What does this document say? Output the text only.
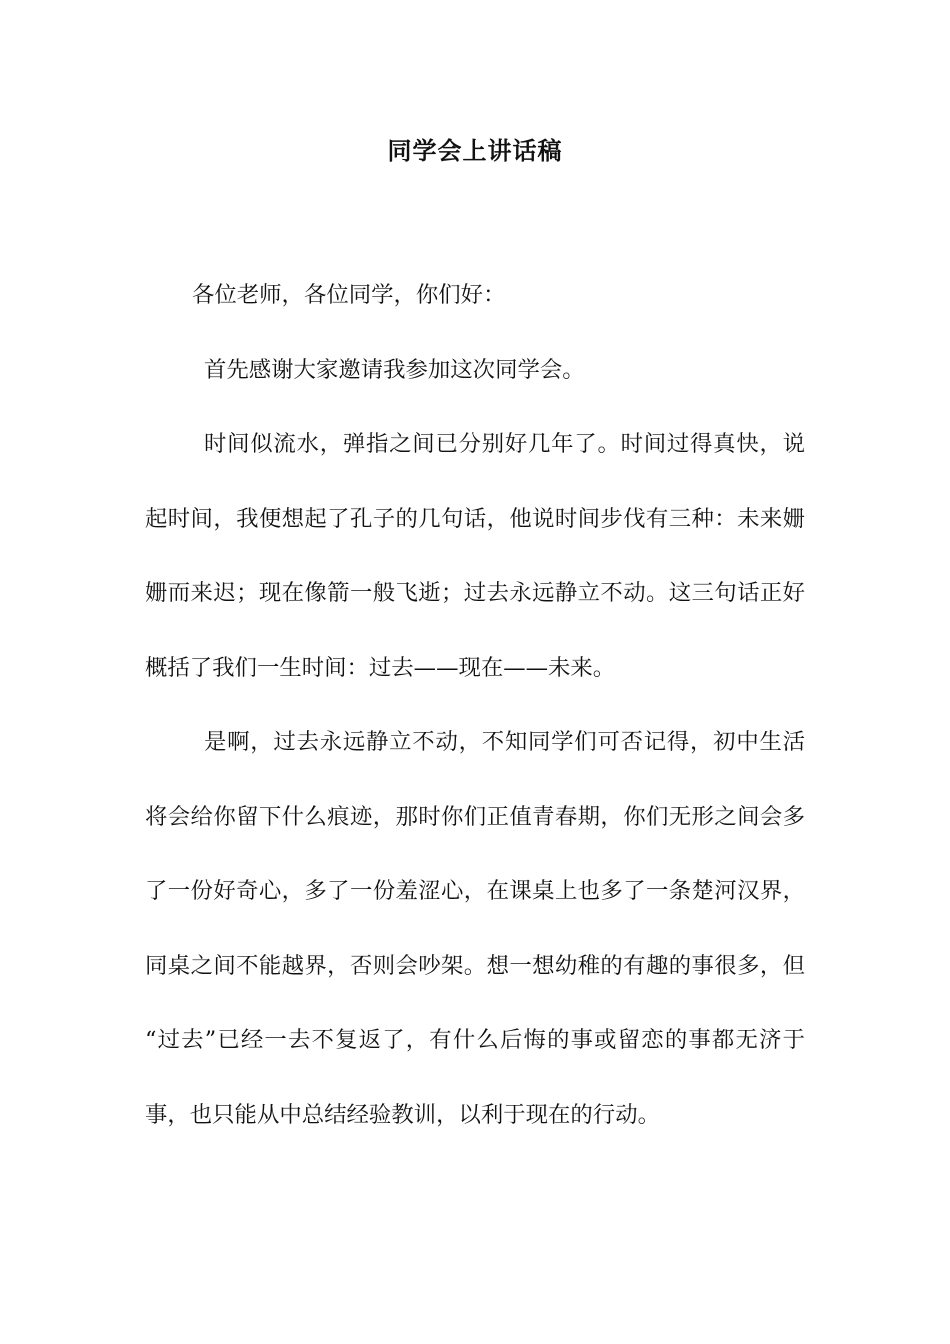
同学会上讲话稿

各位老师，各位同学，你们好：

首先感谢大家邀请我参加这次同学会。

时间似流水，弹指之间已分别好几年了。时间过得真快，说起时间，我便想起了孔子的几句话，他说时间步伐有三种：未来姗姗而来迟；现在像箭一般飞逝；过去永远静立不动。这三句话正好概括了我们一生时间：过去——现在——未来。

是啊，过去永远静立不动，不知同学们可否记得，初中生活将会给你留下什么痕迹，那时你们正值青春期，你们无形之间会多了一份好奇心，多了一份羞涩心，在课桌上也多了一条楚河汉界，同桌之间不能越界，否则会吵架。想一想幼稚的有趣的事很多，但 “过去”已经一去不复返了，有什么后悔的事或留恋的事都无济于事，也只能从中总结经验教训，以利于现在的行动。
